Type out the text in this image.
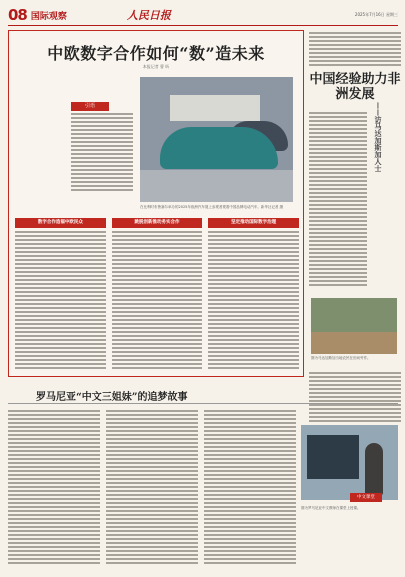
08 国际观察	人民日报	2025年7月16日 星期三
中欧数字合作如何“数”造未来
本报记者 曹 昕
引语
在比利时布鲁塞尔举办的2025年欧洲汽车展上参观者观看中国品牌电动汽车。新华社记者 摄
数字合作造福中欧民众	跳脱创新推动务实合作	坚定推动国际数字治理
中国经验助力非洲发展
——访马达加斯加人士
图为马达加斯加当地农民在田间劳作。
罗马尼亚“中文三姐妹”的追梦故事
中文课堂
图为罗马尼亚中文教师在课堂上授课。
